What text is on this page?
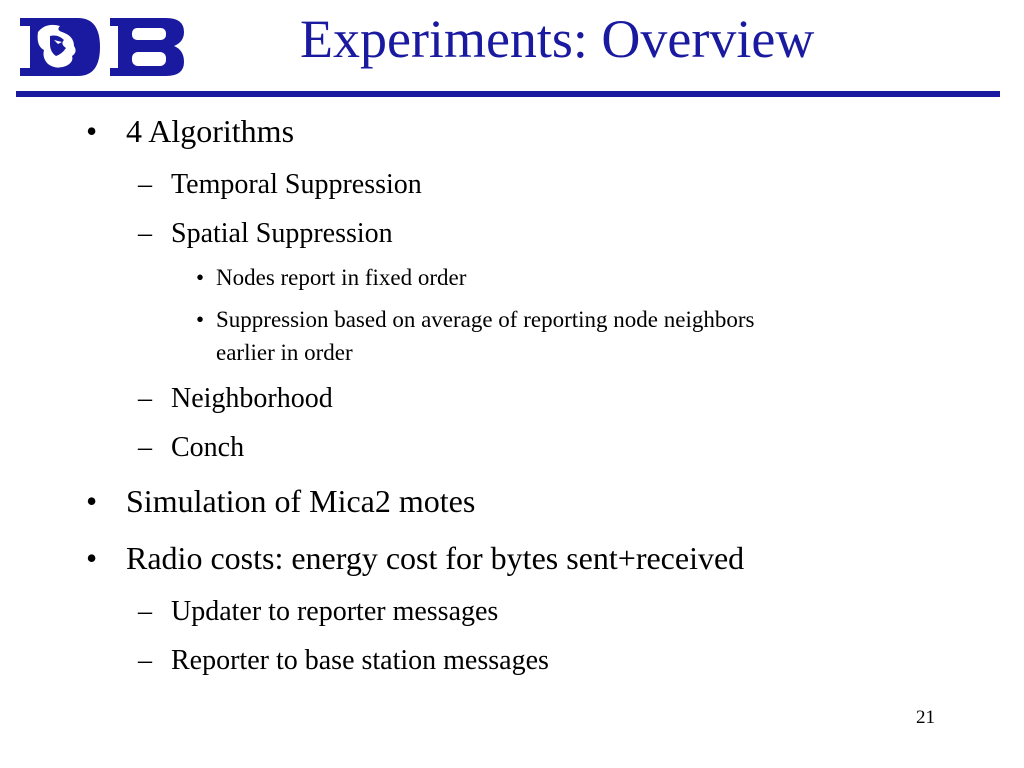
Experiments: Overview
• 4 Algorithms
– Temporal Suppression
– Spatial Suppression
• Nodes report in fixed order
• Suppression based on average of reporting node neighbors
earlier in order
– Neighborhood
– Conch
• Simulation of Mica2 motes
• Radio costs: energy cost for bytes sent+received
– Updater to reporter messages
– Reporter to base station messages
21
